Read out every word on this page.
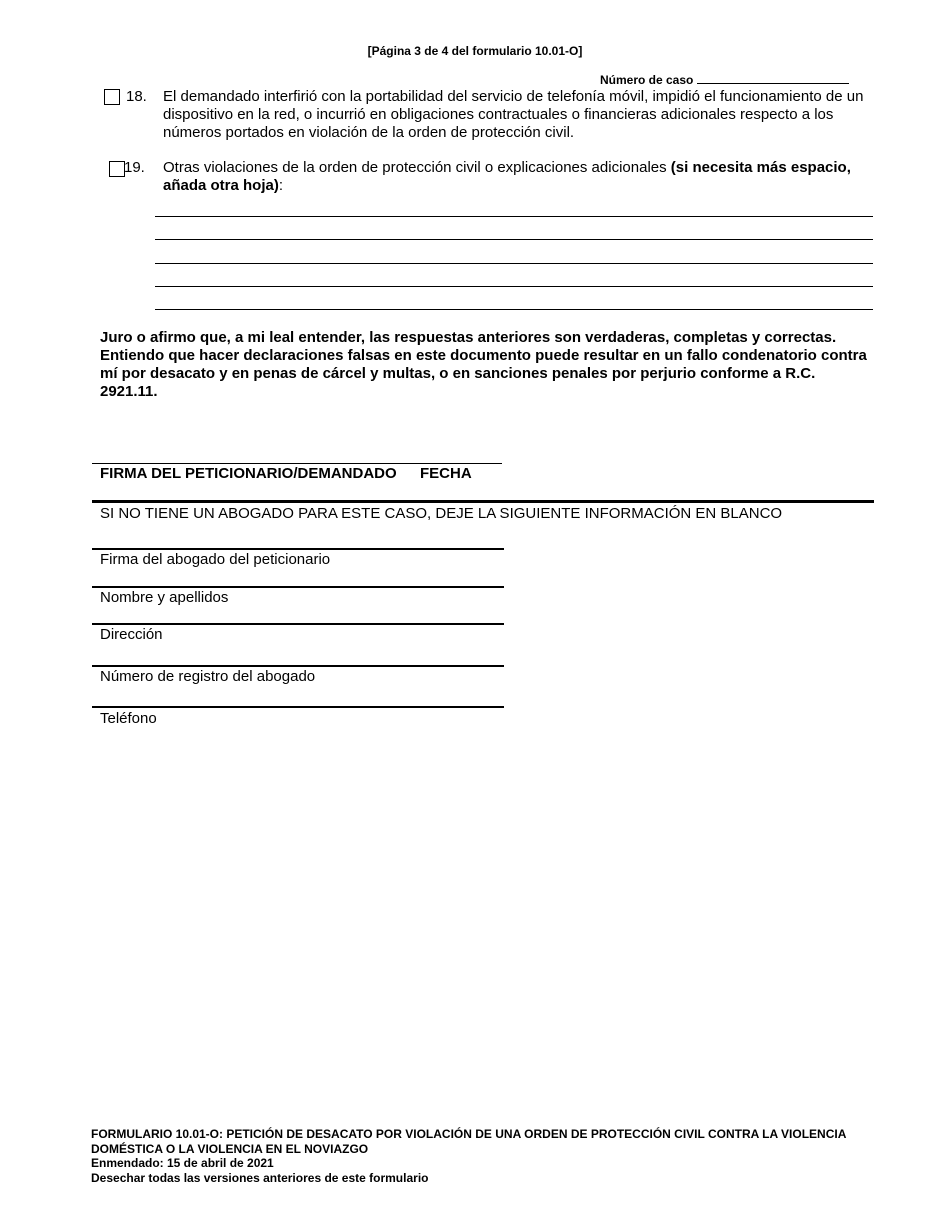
[Página 3 de 4 del formulario 10.01-O]
Número de caso
18. El demandado interfirió con la portabilidad del servicio de telefonía móvil, impidió el funcionamiento de un dispositivo en la red, o incurrió en obligaciones contractuales o financieras adicionales respecto a los números portados en violación de la orden de protección civil.
19. Otras violaciones de la orden de protección civil o explicaciones adicionales (si necesita más espacio, añada otra hoja):
Juro o afirmo que, a mi leal entender, las respuestas anteriores son verdaderas, completas y correctas. Entiendo que hacer declaraciones falsas en este documento puede resultar en un fallo condenatorio contra mí por desacato y en penas de cárcel y multas, o en sanciones penales por perjurio conforme a R.C. 2921.11.
FIRMA DEL PETICIONARIO/DEMANDADO FECHA
SI NO TIENE UN ABOGADO PARA ESTE CASO, DEJE LA SIGUIENTE INFORMACIÓN EN BLANCO
Firma del abogado del peticionario
Nombre y apellidos
Dirección
Número de registro del abogado
Teléfono
FORMULARIO 10.01-O: PETICIÓN DE DESACATO POR VIOLACIÓN DE UNA ORDEN DE PROTECCIÓN CIVIL CONTRA LA VIOLENCIA DOMÉSTICA O LA VIOLENCIA EN EL NOVIAZGO
Enmendado: 15 de abril de 2021
Desechar todas las versiones anteriores de este formulario
